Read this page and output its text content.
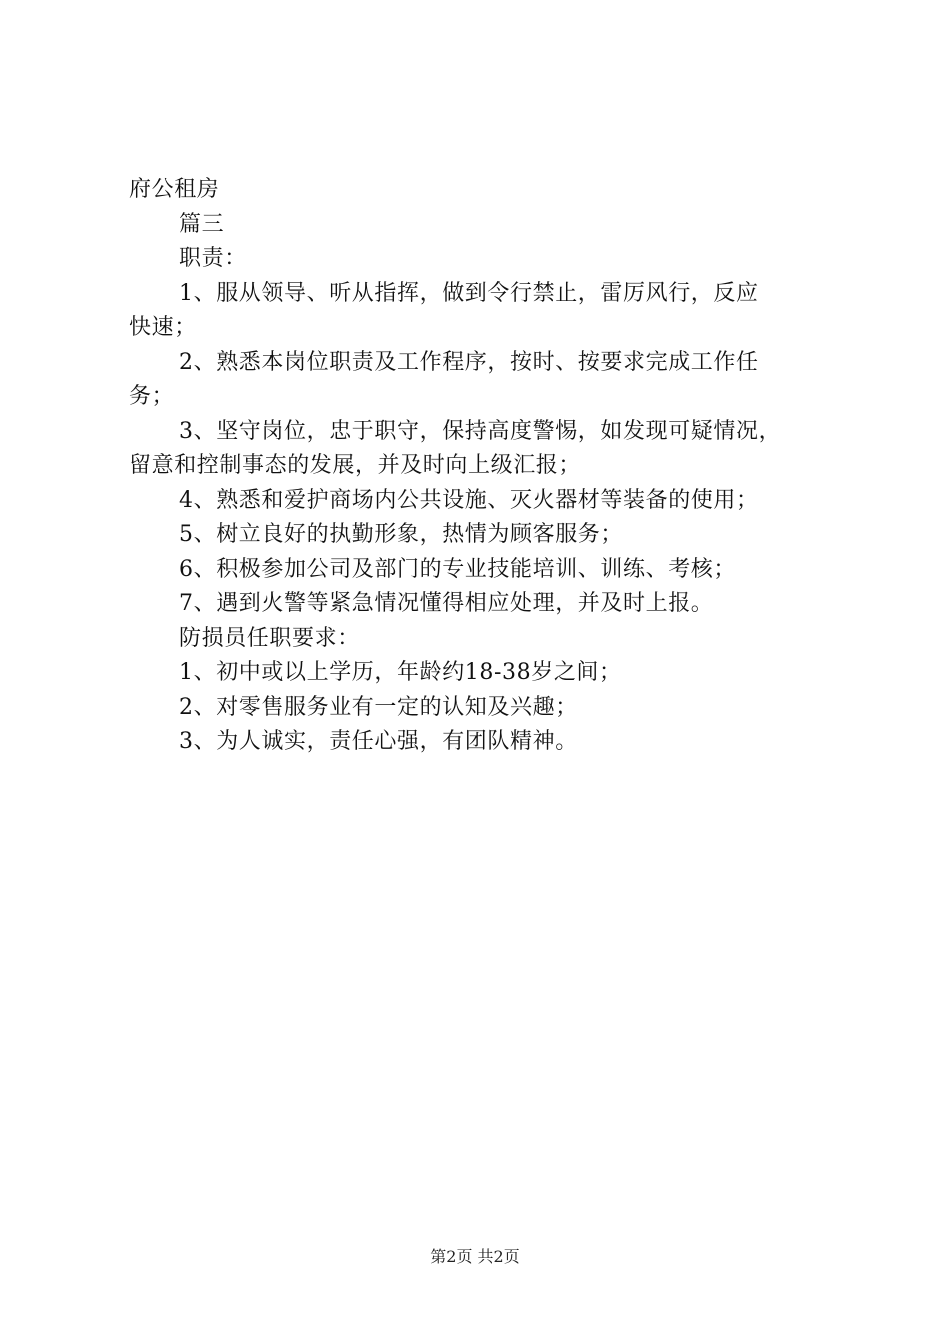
府公租房
篇三
职责：
1、服从领导、听从指挥，做到令行禁止，雷厉风行，反应
快速；
2、熟悉本岗位职责及工作程序，按时、按要求完成工作任
务；
3、坚守岗位，忠于职守，保持高度警惕，如发现可疑情况，
留意和控制事态的发展，并及时向上级汇报；
4、熟悉和爱护商场内公共设施、灭火器材等装备的使用；
5、树立良好的执勤形象，热情为顾客服务；
6、积极参加公司及部门的专业技能培训、训练、考核；
7、遇到火警等紧急情况懂得相应处理，并及时上报。
防损员任职要求：
1、初中或以上学历，年龄约18-38岁之间；
2、对零售服务业有一定的认知及兴趣；
3、为人诚实，责任心强，有团队精神。
第2页 共2页
